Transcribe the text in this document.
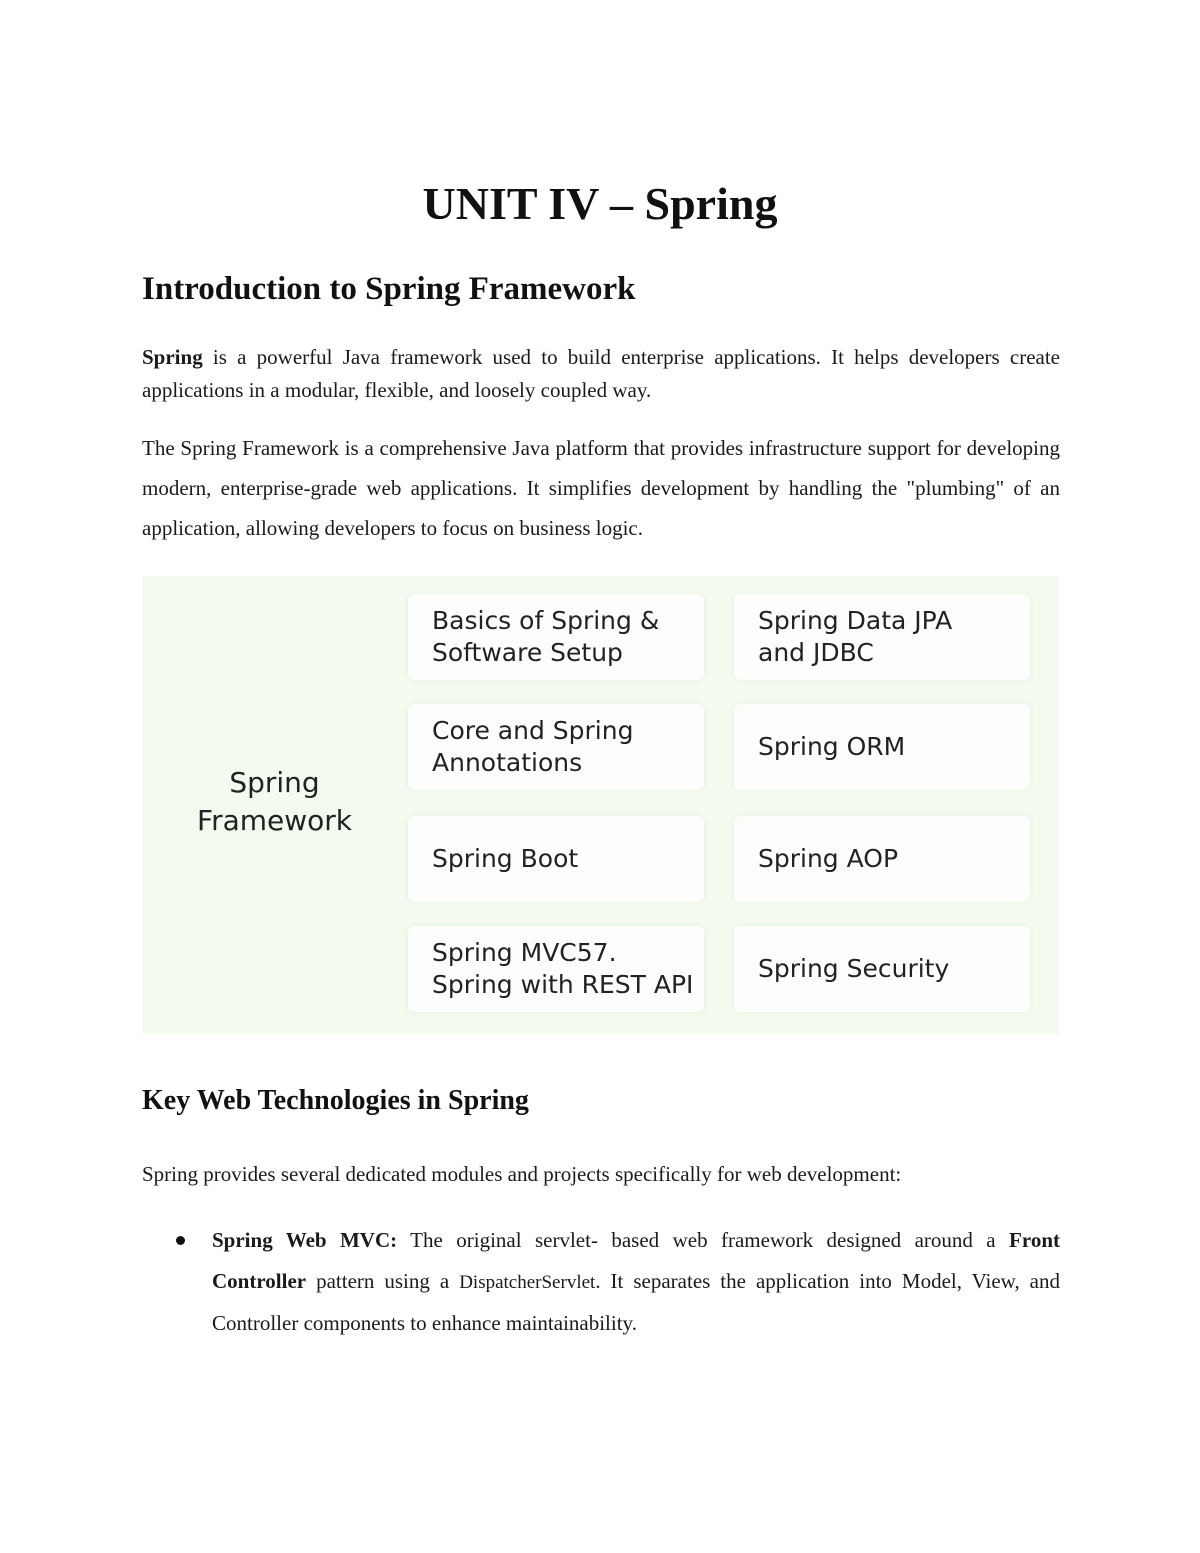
UNIT IV – Spring
Introduction to Spring Framework

Spring is a powerful Java framework used to build enterprise applications. It helps developers create applications in a modular, flexible, and loosely coupled way.

The Spring Framework is a comprehensive Java platform that provides infrastructure support for developing modern, enterprise-grade web applications. It simplifies development by handling the "plumbing" of an application, allowing developers to focus on business logic.

Spring
Framework

Basics of Spring &
Software Setup
Spring Data JPA
and JDBC
Core and Spring
Annotations
Spring ORM
Spring Boot	Spring AOP
Spring MVC57.
Spring with REST API
Spring Security
Key Web Technologies in Spring

Spring provides several dedicated modules and projects specifically for web development:

Spring Web MVC: The original servlet- based web framework designed around a Front Controller pattern using a DispatcherServlet. It separates the application into Model, View, and Controller components to enhance maintainability.
